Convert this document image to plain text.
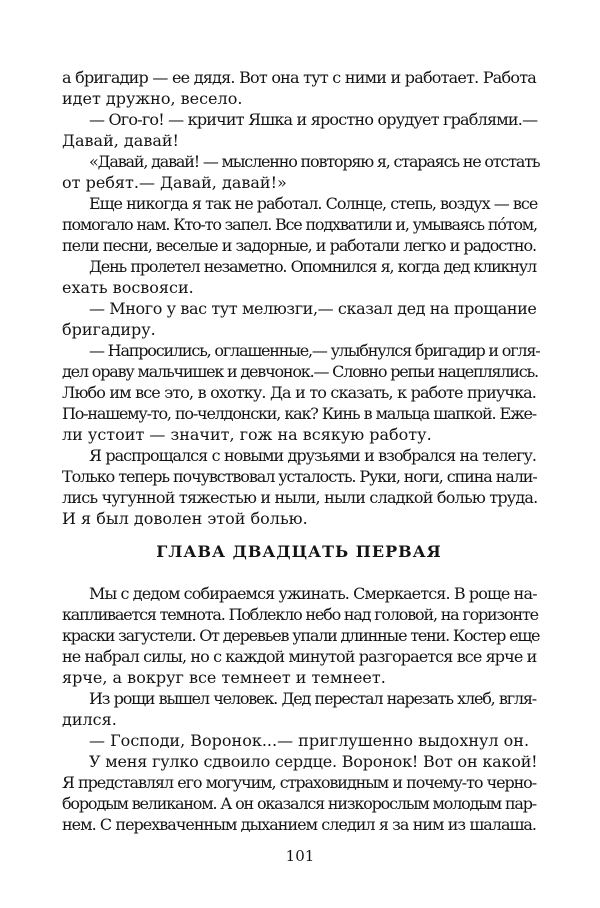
а бригадир — ее дядя. Вот она тут с ними и работает. Работа
идет дружно, весело.
— Ого-го! — кричит Яшка и яростно орудует граблями.—
Давай, давай!
«Давай, давай! — мысленно повторяю я, стараясь не отстать
от ребят.— Давай, давай!»
Еще никогда я так не работал. Солнце, степь, воздух — все
помогало нам. Кто-то запел. Все подхватили и, умываясь пóтом,
пели песни, веселые и задорные, и работали легко и радостно.
День пролетел незаметно. Опомнился я, когда дед кликнул
ехать восвояси.
— Много у вас тут мелюзги,— сказал дед на прощание
бригадиру.
— Напросились, оглашенные,— улыбнулся бригадир и огля-
дел ораву мальчишек и девчонок.— Словно репьи нацеплялись.
Любо им все это, в охотку. Да и то сказать, к работе приучка.
По-нашему-то, по-челдонски, как? Кинь в мальца шапкой. Еже-
ли устоит — значит, гож на всякую работу.
Я распрощался с новыми друзьями и взобрался на телегу.
Только теперь почувствовал усталость. Руки, ноги, спина нали-
лись чугунной тяжестью и ныли, ныли сладкой болью труда.
И я был доволен этой болью.
ГЛАВА ДВАДЦАТЬ ПЕРВАЯ
Мы с дедом собираемся ужинать. Смеркается. В роще на-
капливается темнота. Поблекло небо над головой, на горизонте
краски загустели. От деревьев упали длинные тени. Костер еще
не набрал силы, но с каждой минутой разгорается все ярче и
ярче, а вокруг все темнеет и темнеет.
Из рощи вышел человек. Дед перестал нарезать хлеб, вгля-
дился.
— Господи, Воронок...— приглушенно выдохнул он.
У меня гулко сдвоило сердце. Воронок! Вот он какой!
Я представлял его могучим, страховидным и почему-то черно-
бородым великаном. А он оказался низкорослым молодым пар-
нем. С перехваченным дыханием следил я за ним из шалаша.
101
